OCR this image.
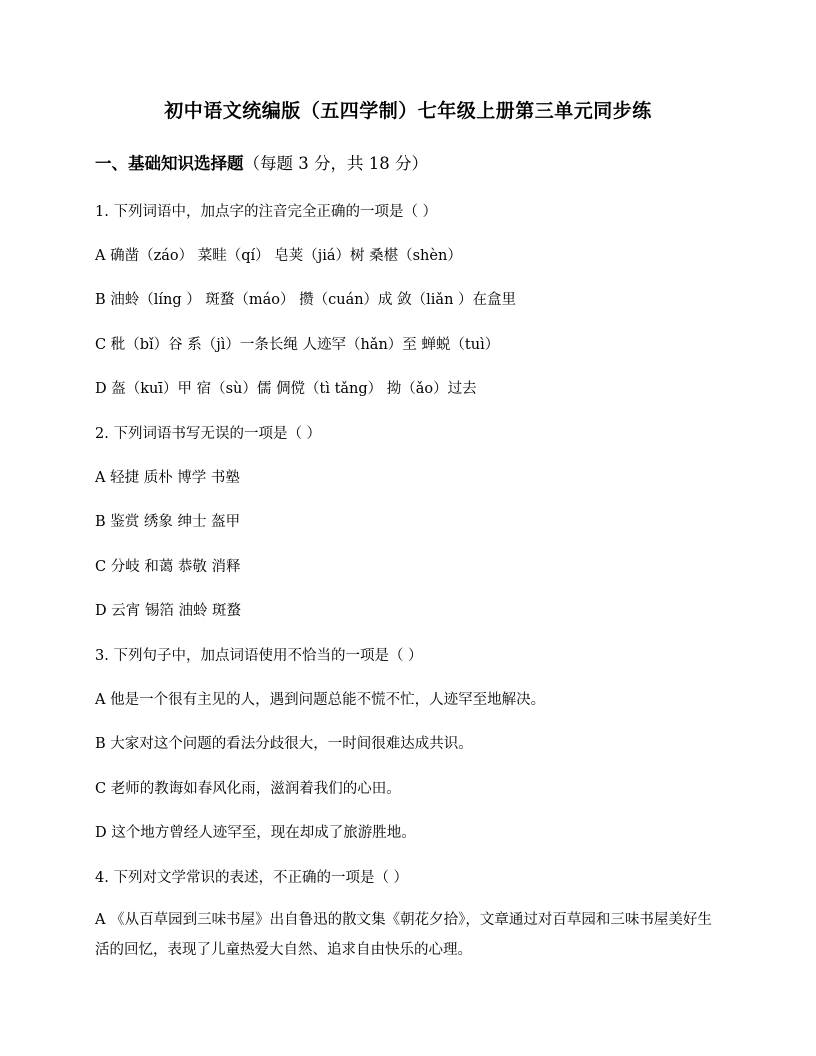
初中语文统编版（五四学制）七年级上册第三单元同步练
一、基础知识选择题（每题 3 分，共 18 分）
1. 下列词语中，加点字的注音完全正确的一项是（ ）
A 确凿（záo） 菜畦（qí） 皂荚（jiá）树 桑椹（shèn）
B 油蛉（líng ） 斑蝥（máo） 攒（cuán）成 敛（liǎn ）在盒里
C 秕（bǐ）谷 系（jì）一条长绳 人迹罕（hǎn）至 蝉蜕（tuì）
D 盔（kuī）甲 宿（sù）儒 倜傥（tì tǎng） 拗（ǎo）过去
2. 下列词语书写无误的一项是（ ）
A 轻捷 质朴 博学 书塾
B 鉴赏 绣象 绅士 盔甲
C 分岐 和蔼 恭敬 消释
D 云宵 锡箔 油蛉 斑蝥
3. 下列句子中，加点词语使用不恰当的一项是（ ）
A 他是一个很有主见的人，遇到问题总能不慌不忙，人迹罕至地解决。
B 大家对这个问题的看法分歧很大，一时间很难达成共识。
C 老师的教诲如春风化雨，滋润着我们的心田。
D 这个地方曾经人迹罕至，现在却成了旅游胜地。
4. 下列对文学常识的表述，不正确的一项是（ ）
A 《从百草园到三味书屋》出自鲁迅的散文集《朝花夕拾》，文章通过对百草园和三味书屋美好生活的回忆，表现了儿童热爱大自然、追求自由快乐的心理。
